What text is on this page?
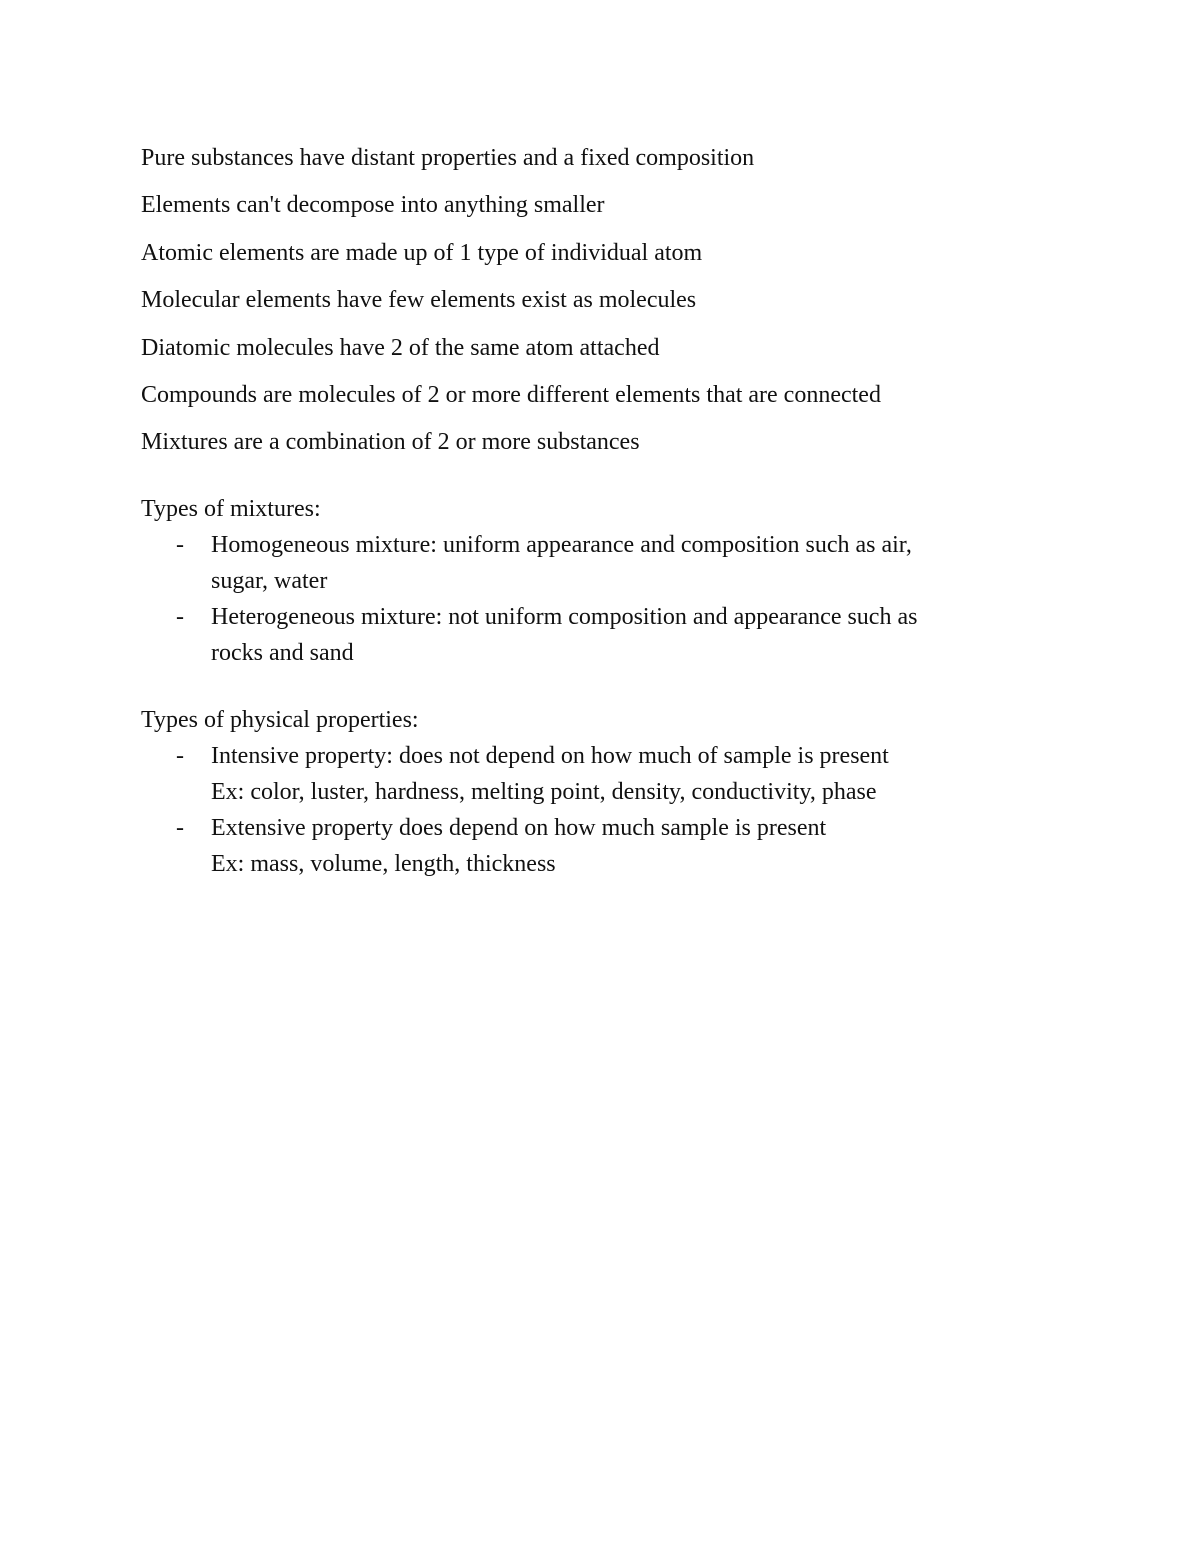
Pure substances have distant properties and a fixed composition

Elements can't decompose into anything smaller

Atomic elements are made up of 1 type of individual atom

Molecular elements have few elements exist as molecules

Diatomic molecules have 2 of the same atom attached

Compounds are molecules of 2 or more different elements that are connected

Mixtures are a combination of 2 or more substances

Types of mixtures:

- Homogeneous mixture: uniform appearance and composition such as air,
sugar, water
- Heterogeneous mixture: not uniform composition and appearance such as
rocks and sand

Types of physical properties:

- Intensive property: does not depend on how much of sample is present
Ex: color, luster, hardness, melting point, density, conductivity, phase
- Extensive property does depend on how much sample is present
Ex: mass, volume, length, thickness
